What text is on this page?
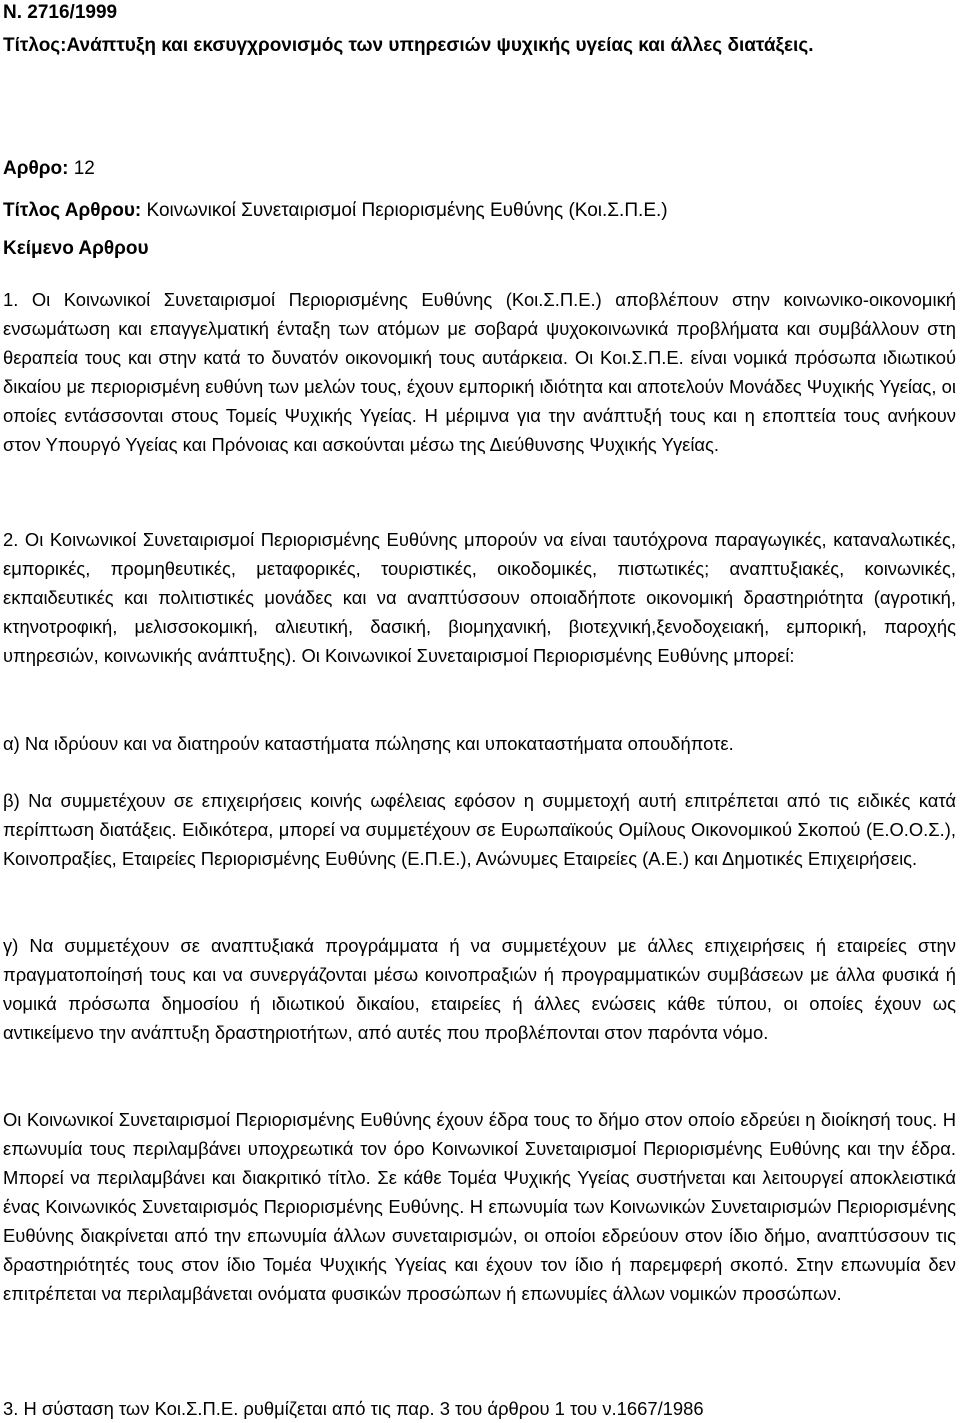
Ν. 2716/1999
Τίτλος:Ανάπτυξη και εκσυγχρονισμός των υπηρεσιών ψυχικής υγείας και άλλες διατάξεις.
Αρθρο: 12
Τίτλος Αρθρου: Κοινωνικοί Συνεταιρισμοί Περιορισμένης Ευθύνης (Κοι.Σ.Π.Ε.)
Κείμενο Αρθρου
1. Οι Κοινωνικοί Συνεταιρισμοί Περιορισμένης Ευθύνης (Κοι.Σ.Π.Ε.) αποβλέπουν στην κοινωνικο-οικονομική ενσωμάτωση και επαγγελματική ένταξη των ατόμων με σοβαρά ψυχοκοινωνικά προβλήματα και συμβάλλουν στη θεραπεία τους και στην κατά το δυνατόν οικονομική τους αυτάρκεια. Οι Κοι.Σ.Π.Ε. είναι νομικά πρόσωπα ιδιωτικού δικαίου με περιορισμένη ευθύνη των μελών τους, έχουν εμπορική ιδιότητα και αποτελούν Μονάδες Ψυχικής Υγείας, οι οποίες εντάσσονται στους Τομείς Ψυχικής Υγείας. Η μέριμνα για την ανάπτυξή τους και η εποπτεία τους ανήκουν στον Υπουργό Υγείας και Πρόνοιας και ασκούνται μέσω της Διεύθυνσης Ψυχικής Υγείας.
2. Οι Κοινωνικοί Συνεταιρισμοί Περιορισμένης Ευθύνης μπορούν να είναι ταυτόχρονα παραγωγικές, καταναλωτικές, εμπορικές, προμηθευτικές, μεταφορικές, τουριστικές, οικοδομικές, πιστωτικές; αναπτυξιακές, κοινωνικές, εκπαιδευτικές και πολιτιστικές μονάδες και να αναπτύσσουν οποιαδήποτε οικονομική δραστηριότητα (αγροτική, κτηνοτροφική, μελισσοκομική, αλιευτική, δασική, βιομηχανική, βιοτεχνική,ξενοδοχειακή, εμπορική, παροχής υπηρεσιών, κοινωνικής ανάπτυξης). Οι Κοινωνικοί Συνεταιρισμοί Περιορισμένης Ευθύνης μπορεί:
α) Να ιδρύουν και να διατηρούν καταστήματα πώλησης και υποκαταστήματα οπουδήποτε.
β) Να συμμετέχουν σε επιχειρήσεις κοινής ωφέλειας εφόσον η συμμετοχή αυτή επιτρέπεται από τις ειδικές κατά περίπτωση διατάξεις. Ειδικότερα, μπορεί να συμμετέχουν σε Ευρωπαϊκούς Ομίλους Οικονομικού Σκοπού (Ε.Ο.Ο.Σ.), Κοινοπραξίες, Εταιρείες Περιορισμένης Ευθύνης (Ε.Π.Ε.), Ανώνυμες Εταιρείες (Α.Ε.) και Δημοτικές Επιχειρήσεις.
γ) Να συμμετέχουν σε αναπτυξιακά προγράμματα ή να συμμετέχουν με άλλες επιχειρήσεις ή εταιρείες στην πραγματοποίησή τους και να συνεργάζονται μέσω κοινοπραξιών ή προγραμματικών συμβάσεων με άλλα φυσικά ή νομικά πρόσωπα δημοσίου ή ιδιωτικού δικαίου, εταιρείες ή άλλες ενώσεις κάθε τύπου, οι οποίες έχουν ως αντικείμενο την ανάπτυξη δραστηριοτήτων, από αυτές που προβλέπονται στον παρόντα νόμο.
Οι Κοινωνικοί Συνεταιρισμοί Περιορισμένης Ευθύνης έχουν έδρα τους το δήμο στον οποίο εδρεύει η διοίκησή τους. Η επωνυμία τους περιλαμβάνει υποχρεωτικά τον όρο Κοινωνικοί Συνεταιρισμοί Περιορισμένης Ευθύνης και την έδρα. Μπορεί να περιλαμβάνει και διακριτικό τίτλο. Σε κάθε Τομέα Ψυχικής Υγείας συστήνεται και λειτουργεί αποκλειστικά ένας Κοινωνικός Συνεταιρισμός Περιορισμένης Ευθύνης. Η επωνυμία των Κοινωνικών Συνεταιρισμών Περιορισμένης Ευθύνης διακρίνεται από την επωνυμία άλλων συνεταιρισμών, οι οποίοι εδρεύουν στον ίδιο δήμο, αναπτύσσουν τις δραστηριότητές τους στον ίδιο Τομέα Ψυχικής Υγείας και έχουν τον ίδιο ή παρεμφερή σκοπό. Στην επωνυμία δεν επιτρέπεται να περιλαμβάνεται ονόματα φυσικών προσώπων ή επωνυμίες άλλων νομικών προσώπων.
3. Η σύσταση των Κοι.Σ.Π.Ε. ρυθμίζεται από τις παρ. 3 του άρθρου 1 του ν.1667/1986
